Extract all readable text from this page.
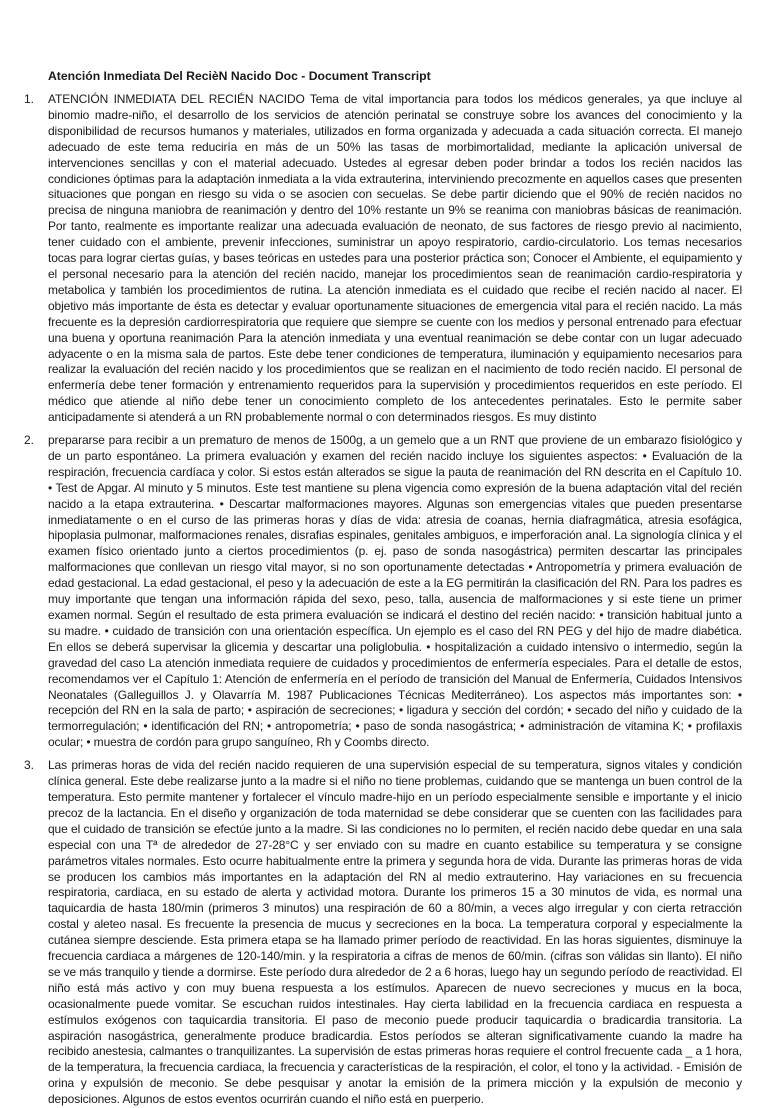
Atención Inmediata Del RecièN Nacido Doc - Document Transcript
1. ATENCIÓN INMEDIATA DEL RECIÉN NACIDO Tema de vital importancia para todos los médicos generales, ya que incluye al binomio madre-niño, el desarrollo de los servicios de atención perinatal se construye sobre los avances del conocimiento y la disponibilidad de recursos humanos y materiales, utilizados en forma organizada y adecuada a cada situación correcta. El manejo adecuado de este tema reduciría en más de un 50% las tasas de morbimortalidad, mediante la aplicación universal de intervenciones sencillas y con el material adecuado. Ustedes al egresar deben poder brindar a todos los recién nacidos las condiciones óptimas para la adaptación inmediata a la vida extrauterina, interviniendo precozmente en aquellos cases que presenten situaciones que pongan en riesgo su vida o se asocien con secuelas. Se debe partir diciendo que el 90% de recién nacidos no precisa de ninguna maniobra de reanimación y dentro del 10% restante un 9% se reanima con maniobras básicas de reanimación. Por tanto, realmente es importante realizar una adecuada evaluación de neonato, de sus factores de riesgo previo al nacimiento, tener cuidado con el ambiente, prevenir infecciones, suministrar un apoyo respiratorio, cardio-circulatorio. Los temas necesarios tocas para lograr ciertas guías, y bases teóricas en ustedes para una posterior práctica son; Conocer el Ambiente, el equipamiento y el personal necesario para la atención del recién nacido, manejar los procedimientos sean de reanimación cardio-respiratoria y metabolica y también los procedimientos de rutina. La atención inmediata es el cuidado que recibe el recién nacido al nacer. El objetivo más importante de ésta es detectar y evaluar oportunamente situaciones de emergencia vital para el recién nacido. La más frecuente es la depresión cardiorrespiratoria que requiere que siempre se cuente con los medios y personal entrenado para efectuar una buena y oportuna reanimación Para la atención inmediata y una eventual reanimación se debe contar con un lugar adecuado adyacente o en la misma sala de partos. Este debe tener condiciones de temperatura, iluminación y equipamiento necesarios para realizar la evaluación del recién nacido y los procedimientos que se realizan en el nacimiento de todo recién nacido. El personal de enfermería debe tener formación y entrenamiento requeridos para la supervisión y procedimientos requeridos en este período. El médico que atiende al niño debe tener un conocimiento completo de los antecedentes perinatales. Esto le permite saber anticipadamente si atenderá a un RN probablemente normal o con determinados riesgos. Es muy distinto

2. prepararse para recibir a un prematuro de menos de 1500g, a un gemelo que a un RNT que proviene de un embarazo fisiológico y de un parto espontáneo. La primera evaluación y examen del recién nacido incluye los siguientes aspectos: • Evaluación de la respiración, frecuencia cardíaca y color. Si estos están alterados se sigue la pauta de reanimación del RN descrita en el Capítulo 10. • Test de Apgar. Al minuto y 5 minutos. Este test mantiene su plena vigencia como expresión de la buena adaptación vital del recién nacido a la etapa extrauterina. • Descartar malformaciones mayores. Algunas son emergencias vitales que pueden presentarse inmediatamente o en el curso de las primeras horas y días de vida: atresia de coanas, hernia diafragmática, atresia esofágica, hipoplasia pulmonar, malformaciones renales, disrafias espinales, genitales ambiguos, e imperforación anal. La signología clínica y el examen físico orientado junto a ciertos procedimientos (p. ej. paso de sonda nasogástrica) permiten descartar las principales malformaciones que conllevan un riesgo vital mayor, si no son oportunamente detectadas • Antropometría y primera evaluación de edad gestacional. La edad gestacional, el peso y la adecuación de este a la EG permitirán la clasificación del RN. Para los padres es muy importante que tengan una información rápida del sexo, peso, talla, ausencia de malformaciones y si este tiene un primer examen normal. Según el resultado de esta primera evaluación se indicará el destino del recién nacido: • transición habitual junto a su madre. • cuidado de transición con una orientación específica. Un ejemplo es el caso del RN PEG y del hijo de madre diabética. En ellos se deberá supervisar la glicemia y descartar una poliglobulia. • hospitalización a cuidado intensivo o intermedio, según la gravedad del caso La atención inmediata requiere de cuidados y procedimientos de enfermería especiales. Para el detalle de estos, recomendamos ver el Capítulo 1: Atención de enfermería en el período de transición del Manual de Enfermería, Cuidados Intensivos Neonatales (Galleguillos J. y Olavarría M. 1987 Publicaciones Técnicas Mediterráneo). Los aspectos más importantes son: • recepción del RN en la sala de parto; • aspiración de secreciones; • ligadura y sección del cordón; • secado del niño y cuidado de la termorregulación; • identificación del RN; • antropometría; • paso de sonda nasogástrica; • administración de vitamina K; • profilaxis ocular; • muestra de cordón para grupo sanguíneo, Rh y Coombs directo.

3. Las primeras horas de vida del recién nacido requieren de una supervisión especial de su temperatura, signos vitales y condición clínica general. Este debe realizarse junto a la madre si el niño no tiene problemas, cuidando que se mantenga un buen control de la temperatura. Esto permite mantener y fortalecer el vínculo madre-hijo en un período especialmente sensible e importante y el inicio precoz de la lactancia. En el diseño y organización de toda maternidad se debe considerar que se cuenten con las facilidades para que el cuidado de transición se efectúe junto a la madre. Si las condiciones no lo permiten, el recién nacido debe quedar en una sala especial con una Tª de alrededor de 27-28°C y ser enviado con su madre en cuanto estabilice su temperatura y se consigne parámetros vitales normales. Esto ocurre habitualmente entre la primera y segunda hora de vida. Durante las primeras horas de vida se producen los cambios más importantes en la adaptación del RN al medio extrauterino. Hay variaciones en su frecuencia respiratoria, cardiaca, en su estado de alerta y actividad motora. Durante los primeros 15 a 30 minutos de vida, es normal una taquicardia de hasta 180/min (primeros 3 minutos) una respiración de 60 a 80/min, a veces algo irregular y con cierta retracción costal y aleteo nasal. Es frecuente la presencia de mucus y secreciones en la boca. La temperatura corporal y especialmente la cutánea siempre desciende. Esta primera etapa se ha llamado primer período de reactividad. En las horas siguientes, disminuye la frecuencia cardiaca a márgenes de 120-140/min. y la respiratoria a cifras de menos de 60/min. (cifras son válidas sin llanto). El niño se ve más tranquilo y tiende a dormirse. Este período dura alrededor de 2 a 6 horas, luego hay un segundo período de reactividad. El niño está más activo y con muy buena respuesta a los estímulos. Aparecen de nuevo secreciones y mucus en la boca, ocasionalmente puede vomitar. Se escuchan ruidos intestinales. Hay cierta labilidad en la frecuencia cardiaca en respuesta a estímulos exógenos con taquicardia transitoria. El paso de meconio puede producir taquicardia o bradicardia transitoria. La aspiración nasogástrica, generalmente produce bradicardia. Estos períodos se alteran significativamente cuando la madre ha recibido anestesia, calmantes o tranquilizantes. La supervisión de estas primeras horas requiere el control frecuente cada _ a 1 hora, de la temperatura, la frecuencia cardiaca, la frecuencia y características de la respiración, el color, el tono y la actividad. - Emisión de orina y expulsión de meconio. Se debe pesquisar y anotar la emisión de la primera micción y la expulsión de meconio y deposiciones. Algunos de estos eventos ocurrirán cuando el niño está en puerperio.
